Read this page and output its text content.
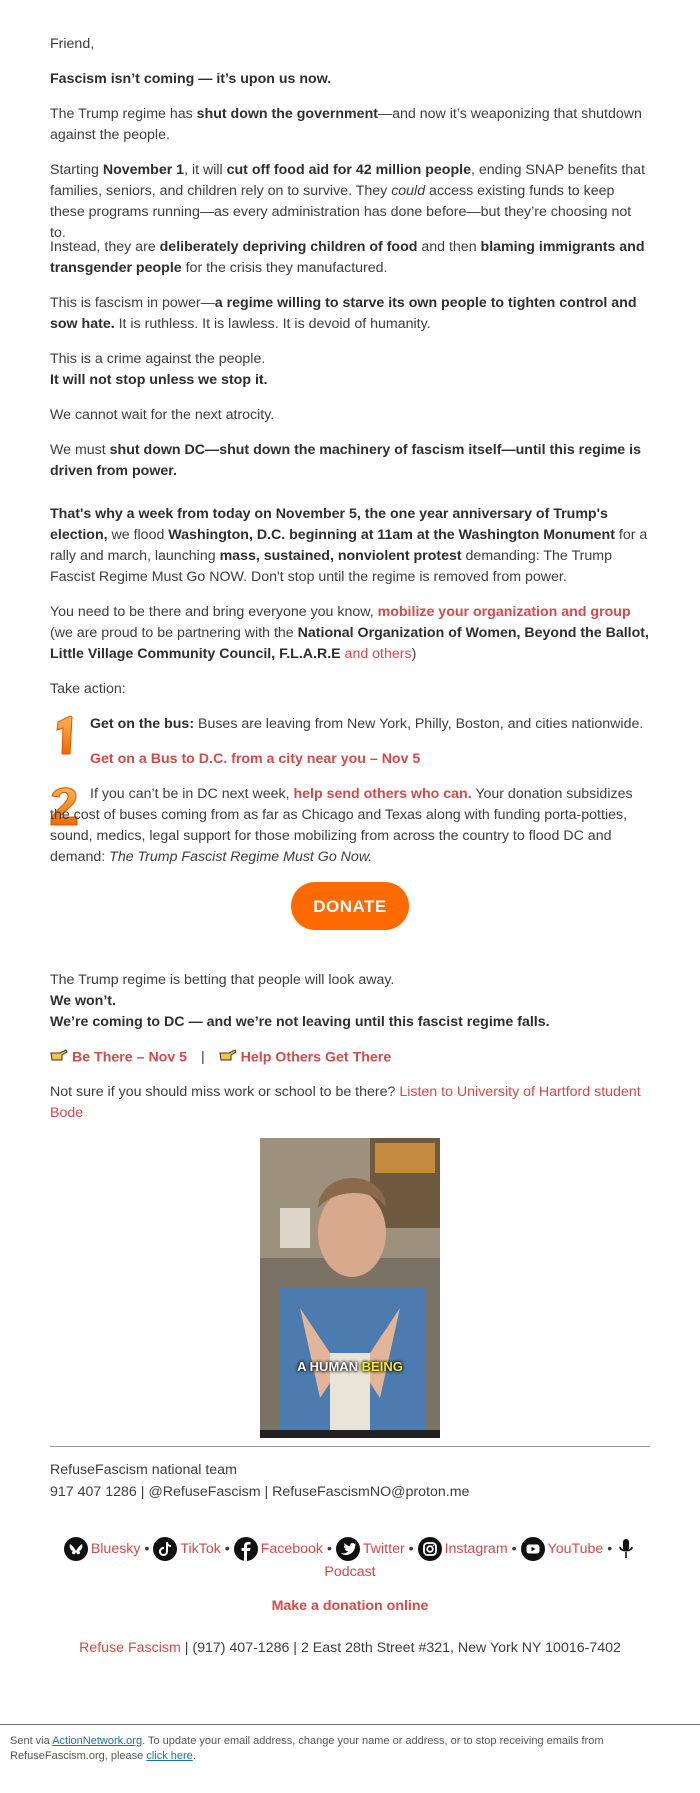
Friend,

Fascism isn’t coming — it’s upon us now.

The Trump regime has shut down the government—and now it’s weaponizing that shutdown against the people.

Starting November 1, it will cut off food aid for 42 million people, ending SNAP benefits that families, seniors, and children rely on to survive. They could access existing funds to keep these programs running—as every administration has done before—but they’re choosing not to.

Instead, they are deliberately depriving children of food and then blaming immigrants and transgender people for the crisis they manufactured.

This is fascism in power—a regime willing to starve its own people to tighten control and sow hate. It is ruthless. It is lawless. It is devoid of humanity.

This is a crime against the people.
It will not stop unless we stop it.

We cannot wait for the next atrocity.

We must shut down DC—shut down the machinery of fascism itself—until this regime is driven from power.

That's why a week from today on November 5, the one year anniversary of Trump's election, we flood Washington, D.C. beginning at 11am at the Washington Monument for a rally and march, launching mass, sustained, nonviolent protest demanding: The Trump Fascist Regime Must Go NOW. Don't stop until the regime is removed from power.

You need to be there and bring everyone you know, mobilize your organization and group (we are proud to be partnering with the National Organization of Women, Beyond the Ballot, Little Village Community Council, F.L.A.R.E and others)

Take action:

Get on the bus: Buses are leaving from New York, Philly, Boston, and cities nationwide.

Get on a Bus to D.C. from a city near you – Nov 5

If you can’t be in DC next week, help send others who can. Your donation subsidizes the cost of buses coming from as far as Chicago and Texas along with funding porta-potties, sound, medics, legal support for those mobilizing from across the country to flood DC and demand: The Trump Fascist Regime Must Go Now.

DONATE

The Trump regime is betting that people will look away.
We won’t.
We’re coming to DC — and we’re not leaving until this fascist regime falls.

Be There – Nov 5 |	Help Others Get There

Not sure if you should miss work or school to be there? Listen to University of Hartford student Bode

A HUMAN BEING

RefuseFascism national team

917 407 1286 | @RefuseFascism | RefuseFascismNO@proton.me

Bluesky • TikTok • Facebook • Twitter • Instagram • YouTube •
Podcast

Make a donation online

Refuse Fascism | (917) 407-1286 | 2 East 28th Street #321, New York NY 10016-7402

Sent via ActionNetwork.org. To update your email address, change your name or address, or to stop receiving emails from RefuseFascism.org, please click here.
